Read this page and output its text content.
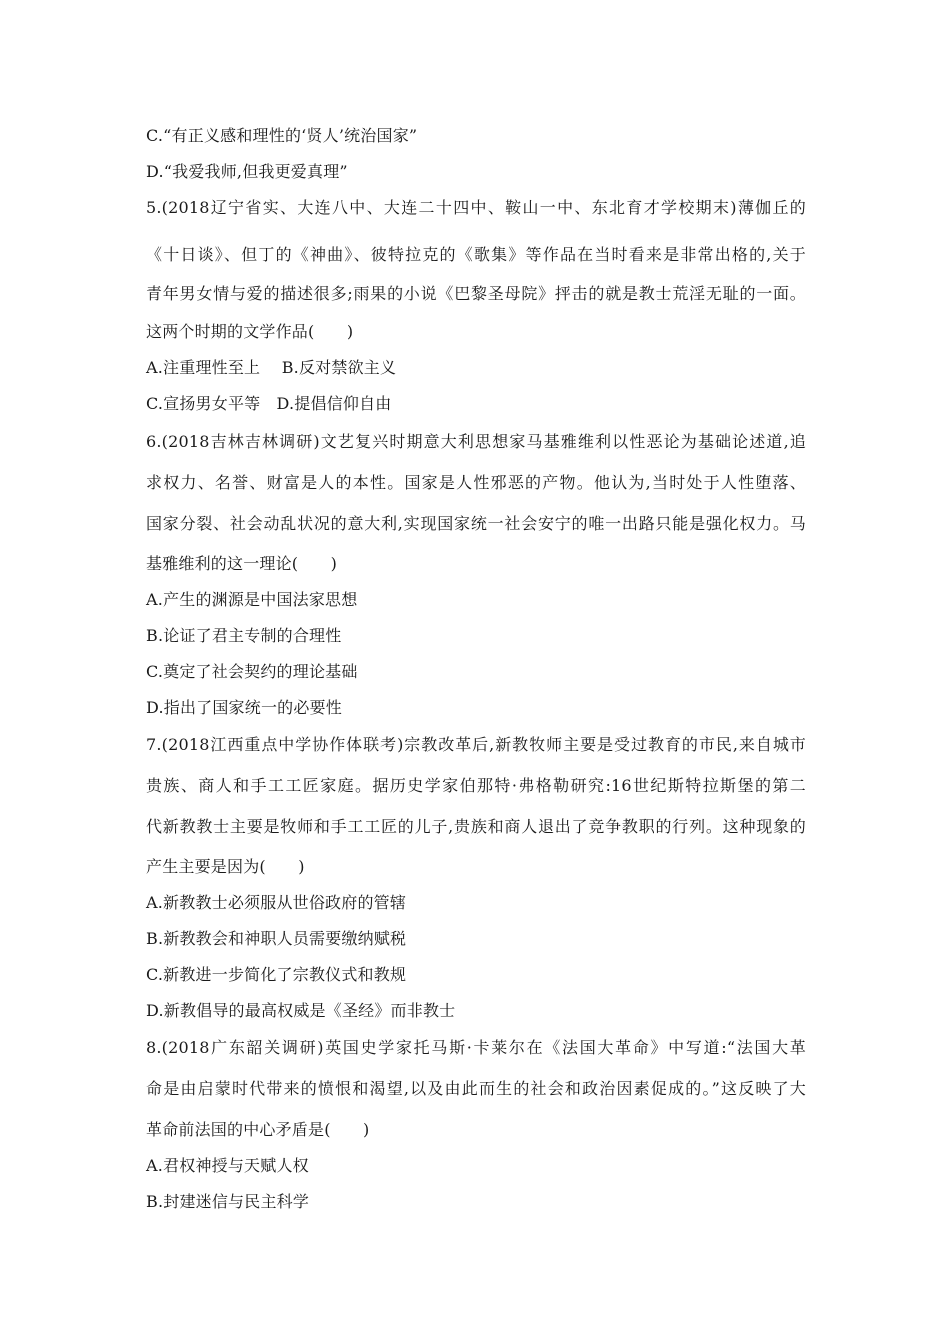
C.“有正义感和理性的‘贤人’统治国家”
D.“我爱我师,但我更爱真理”
5.(2018辽宁省实、大连八中、大连二十四中、鞍山一中、东北育才学校期末)薄伽丘的
《十日谈》、但丁的《神曲》、彼特拉克的《歌集》等作品在当时看来是非常出格的,关于
青年男女情与爱的描述很多;雨果的小说《巴黎圣母院》抨击的就是教士荒淫无耻的一面。
这两个时期的文学作品(　　)
A.注重理性至上　 B.反对禁欲主义
C.宣扬男女平等　D.提倡信仰自由
6.(2018吉林吉林调研)文艺复兴时期意大利思想家马基雅维利以性恶论为基础论述道,追
求权力、名誉、财富是人的本性。国家是人性邪恶的产物。他认为,当时处于人性堕落、
国家分裂、社会动乱状况的意大利,实现国家统一社会安宁的唯一出路只能是强化权力。马
基雅维利的这一理论(　　)
A.产生的渊源是中国法家思想
B.论证了君主专制的合理性
C.奠定了社会契约的理论基础
D.指出了国家统一的必要性
7.(2018江西重点中学协作体联考)宗教改革后,新教牧师主要是受过教育的市民,来自城市
贵族、商人和手工工匠家庭。据历史学家伯那特·弗格勒研究:16世纪斯特拉斯堡的第二
代新教教士主要是牧师和手工工匠的儿子,贵族和商人退出了竞争教职的行列。这种现象的
产生主要是因为(　　)
A.新教教士必须服从世俗政府的管辖
B.新教教会和神职人员需要缴纳赋税
C.新教进一步简化了宗教仪式和教规
D.新教倡导的最高权威是《圣经》而非教士
8.(2018广东韶关调研)英国史学家托马斯·卡莱尔在《法国大革命》中写道:“法国大革
命是由启蒙时代带来的愤恨和渴望,以及由此而生的社会和政治因素促成的。”这反映了大
革命前法国的中心矛盾是(　　)
A.君权神授与天赋人权
B.封建迷信与民主科学
